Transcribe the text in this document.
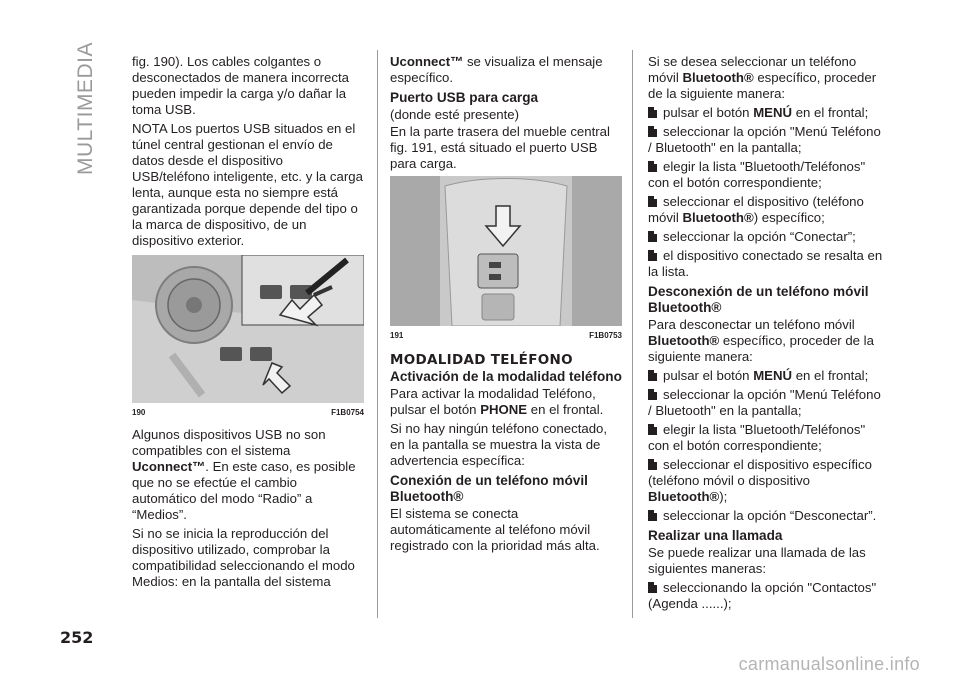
MULTIMEDIA	fig. 190). Los cables colgantes o desconectados de manera incorrecta pueden impedir la carga y/o dañar la toma USB.

NOTA Los puertos USB situados en el túnel central gestionan el envío de datos desde el dispositivo USB/teléfono inteligente, etc. y la carga lenta, aunque esta no siempre está garantizada porque depende del tipo o la marca de dispositivo, de un dispositivo exterior.

190	F1B0754

Algunos dispositivos USB no son compatibles con el sistema Uconnect™. En este caso, es posible que no se efectúe el cambio automático del modo “Radio” a “Medios”.

Si no se inicia la reproducción del dispositivo utilizado, comprobar la compatibilidad seleccionando el modo Medios: en la pantalla del sistema

Uconnect™ se visualiza el mensaje específico.

Puerto USB para carga

(donde esté presente)

En la parte trasera del mueble central fig. 191, está situado el puerto USB para carga.

191	F1B0753
MODALIDAD TELÉFONO
Activación de la modalidad teléfono

Para activar la modalidad Teléfono, pulsar el botón PHONE en el frontal.

Si no hay ningún teléfono conectado, en la pantalla se muestra la vista de advertencia específica:

Conexión de un teléfono móvil Bluetooth®

El sistema se conecta automáticamente al teléfono móvil registrado con la prioridad más alta.

Si se desea seleccionar un teléfono móvil Bluetooth® específico, proceder de la siguiente manera:

pulsar el botón MENÚ en el frontal;

seleccionar la opción "Menú Teléfono / Bluetooth" en la pantalla;

elegir la lista "Bluetooth/Teléfonos" con el botón correspondiente;

seleccionar el dispositivo (teléfono móvil Bluetooth®) específico;

seleccionar la opción “Conectar”;

el dispositivo conectado se resalta en la lista.

Desconexión de un teléfono móvil Bluetooth®

Para desconectar un teléfono móvil Bluetooth® específico, proceder de la siguiente manera:

pulsar el botón MENÚ en el frontal;

seleccionar la opción "Menú Teléfono / Bluetooth" en la pantalla;

elegir la lista "Bluetooth/Teléfonos" con el botón correspondiente;

seleccionar el dispositivo específico (teléfono móvil o dispositivo Bluetooth®);

seleccionar la opción “Desconectar”.

Realizar una llamada

Se puede realizar una llamada de las siguientes maneras:

seleccionando la opción "Contactos" (Agenda ......);

252
carmanualsonline.info
